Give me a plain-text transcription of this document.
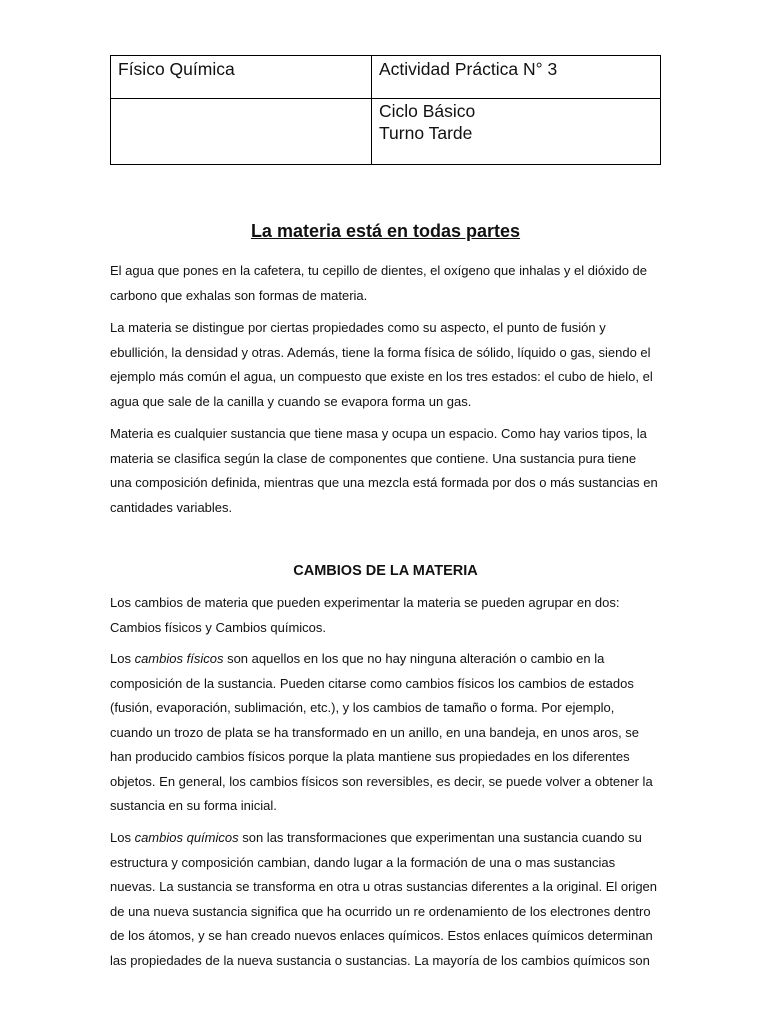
Físico Química	Actividad Práctica N° 3

	Ciclo Básico
Turno Tarde
La materia está en todas partes

El agua que pones en la cafetera, tu cepillo de dientes, el oxígeno que inhalas y el dióxido de carbono que exhalas son formas de materia.

La materia se distingue por ciertas propiedades como su aspecto, el punto de fusión y ebullición, la densidad y otras. Además, tiene la forma física de sólido, líquido o gas, siendo el ejemplo más común el agua, un compuesto que existe en los tres estados: el cubo de hielo, el agua que sale de la canilla y cuando se evapora forma un gas.

Materia es cualquier sustancia que tiene masa y ocupa un espacio. Como hay varios tipos, la materia se clasifica según la clase de componentes que contiene. Una sustancia pura tiene una composición definida, mientras que una mezcla está formada por dos o más sustancias en cantidades variables.

CAMBIOS DE LA MATERIA

Los cambios de materia que pueden experimentar la materia se pueden agrupar en dos: Cambios físicos y Cambios químicos.

Los cambios físicos son aquellos en los que no hay ninguna alteración o cambio en la composición de la sustancia. Pueden citarse como cambios físicos los cambios de estados (fusión, evaporación, sublimación, etc.), y los cambios de tamaño o forma. Por ejemplo, cuando un trozo de plata se ha transformado en un anillo, en una bandeja, en unos aros, se han producido cambios físicos porque la plata mantiene sus propiedades en los diferentes objetos. En general, los cambios físicos son reversibles, es decir, se puede volver a obtener la sustancia en su forma inicial.

Los cambios químicos son las transformaciones que experimentan una sustancia cuando su estructura y composición cambian, dando lugar a la formación de una o mas sustancias nuevas. La sustancia se transforma en otra u otras sustancias diferentes a la original. El origen de una nueva sustancia significa que ha ocurrido un re ordenamiento de los electrones dentro de los átomos, y se han creado nuevos enlaces químicos. Estos enlaces químicos determinan las propiedades de la nueva sustancia o sustancias. La mayoría de los cambios químicos son
